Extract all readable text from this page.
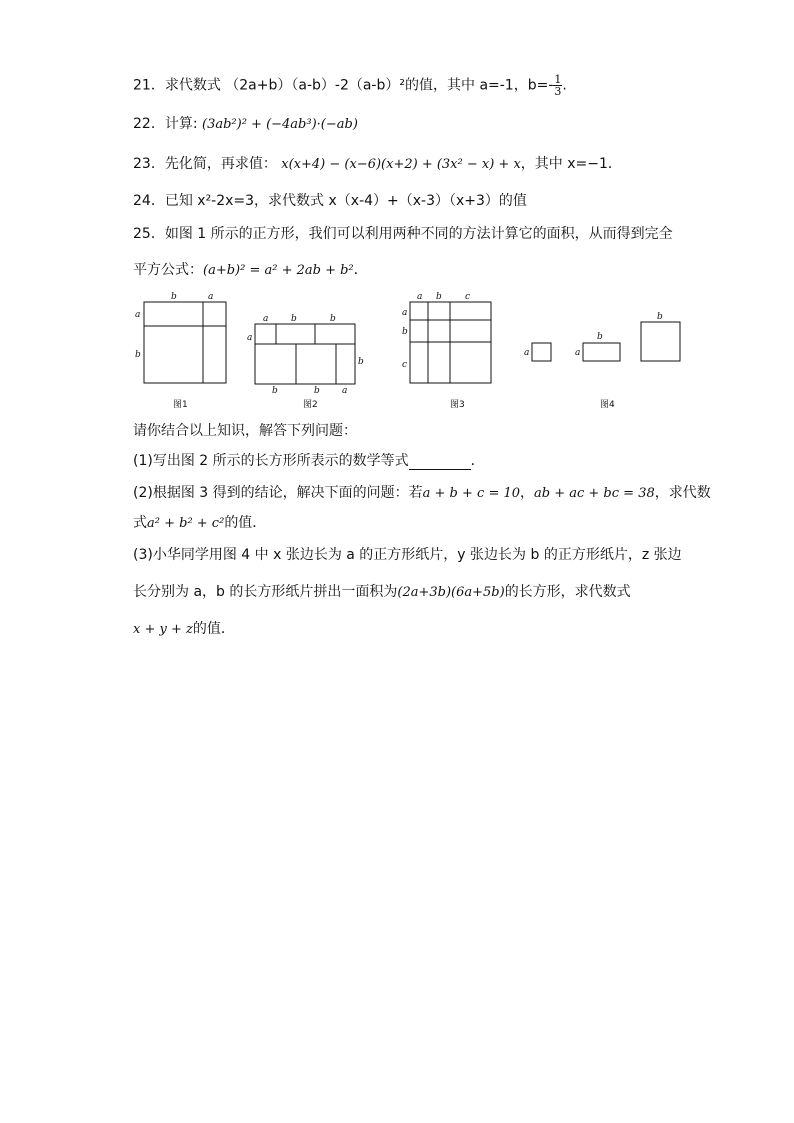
21．求代数式 （2a+b）（a-b）-2（a-b）²的值，其中 a=-1，$b=- \frac{1}{3}$ .
22．计算: (3ab²)² + (−4ab³)·(−ab)
23．先化简，再求值： x(x+4) − (x−6)(x+2) + (3x² − x) + x，其中 x=−1．
24．已知 x²-2x=3，求代数式 x（x-4）+（x-3）（x+3）的值
25．如图 1 所示的正方形，我们可以利用两种不同的方法计算它的面积，从而得到完全
平方公式：(a+b)² = a² + 2ab + b²．
b	a
a
b
图1
a	b	b
a
b
b	b a
图2
a b	c
a
b
c
图3
a
b
a
b
图4
请你结合以上知识，解答下列问题：
(1)写出图 2 所示的长方形所表示的数学等式	．
(2)根据图 3 得到的结论，解决下面的问题：若a + b + c = 10，ab + ac + bc = 38，求代数
式a² + b² + c²的值．
(3)小华同学用图 4 中 x 张边长为 a 的正方形纸片，y 张边长为 b 的正方形纸片，z 张边
长分别为 a，b 的长方形纸片拼出一面积为(2a+3b)(6a+5b)的长方形，求代数式
x + y + z的值．
